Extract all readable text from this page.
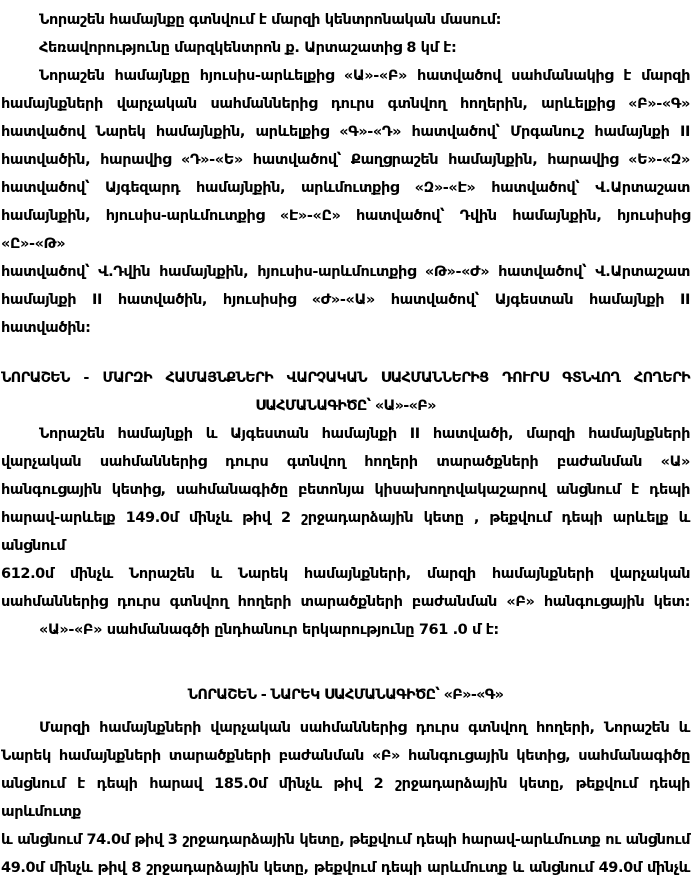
Նորաշեն համայնքը գտնվում է մարզի կենտրոնական մասում:

Հեռավորությունը մարզկենտրոն ք. Արտաշատից 8 կմ է:

Նորաշեն համայնքը հյուսիս-արևելքից «Ա»-«Բ» հատվածով սահմանակից է մարզի

համայնքների վարչական սահմաններից դուրս գտնվող հողերին, արևելքից «Բ»-«Գ»

հատվածով Նարեկ համայնքին, արևելքից «Գ»-«Դ» հատվածով՝ Մրգանուշ համայնքի II

հատվածին, հարավից «Դ»-«Ե» հատվածով՝ Քաղցրաշեն համայնքին, հարավից «Ե»-«Զ»

հատվածով՝ Այգեզարդ համայնքին, արևմուտքից «Զ»-«Է» հատվածով՝ Վ.Արտաշատ

համայնքին, հյուսիս-արևմուտքից «Է»-«Ը» հատվածով՝ Դվին համայնքին, հյուսիսից «Ը»-«Թ»

հատվածով՝ Վ.Դվին համայնքին, հյուսիս-արևմուտքից «Թ»-«Ժ» հատվածով՝ Վ.Արտաշատ

համայնքի II հատվածին, հյուսիսից «Ժ»-«Ա» հատվածով՝ Այգեստան համայնքի II հատվածին:

ՆՈՐԱՇԵՆ - ՄԱՐԶԻ ՀԱՄԱՅՆՔՆԵՐԻ ՎԱՐՉԱԿԱՆ ՍԱՀՄԱՆՆԵՐԻՑ ԴՈՒՐՍ ԳՏՆՎՈՂ ՀՈՂԵՐԻ

ՍԱՀՄԱՆԱԳԻԾԸ՝ «Ա»-«Բ»

Նորաշեն համայնքի և Այգեստան համայնքի II հատվածի, մարզի համայնքների

վարչական սահմաններից դուրս գտնվող հողերի տարածքների բաժանման «Ա»

հանգուցային կետից, սահմանագիծը բետոնյա կիսախողովակաշարով անցնում է դեպի

հարավ-արևելք 149.0մ մինչև թիվ 2 շրջադարձային կետը , թեքվում դեպի արևելք և անցնում

612.0մ մինչև Նորաշեն և Նարեկ համայնքների, մարզի համայնքների վարչական

սահմաններից դուրս գտնվող հողերի տարածքների բաժանման «Բ» հանգուցային կետ:

«Ա»-«Բ» սահմանագծի ընդհանուր երկարությունը 761 .0 մ է:

ՆՈՐԱՇԵՆ - ՆԱՐԵԿ ՍԱՀՄԱՆԱԳԻԾԸ՝ «Բ»-«Գ»

Մարզի համայնքների վարչական սահմաններից դուրս գտնվող հողերի, Նորաշեն և

Նարեկ համայնքների տարածքների բաժանման «Բ» հանգուցային կետից, սահմանագիծը

անցնում է դեպի հարավ 185.0մ մինչև թիվ 2 շրջադարձային կետը, թեքվում դեպի արևմուտք

և անցնում 74.0մ թիվ 3 շրջադարձային կետը, թեքվում դեպի հարավ-արևմուտք ու անցնում

49.0մ մինչև թիվ 8 շրջադարձային կետը, թեքվում դեպի արևմուտք և անցնում 49.0մ մինչև
